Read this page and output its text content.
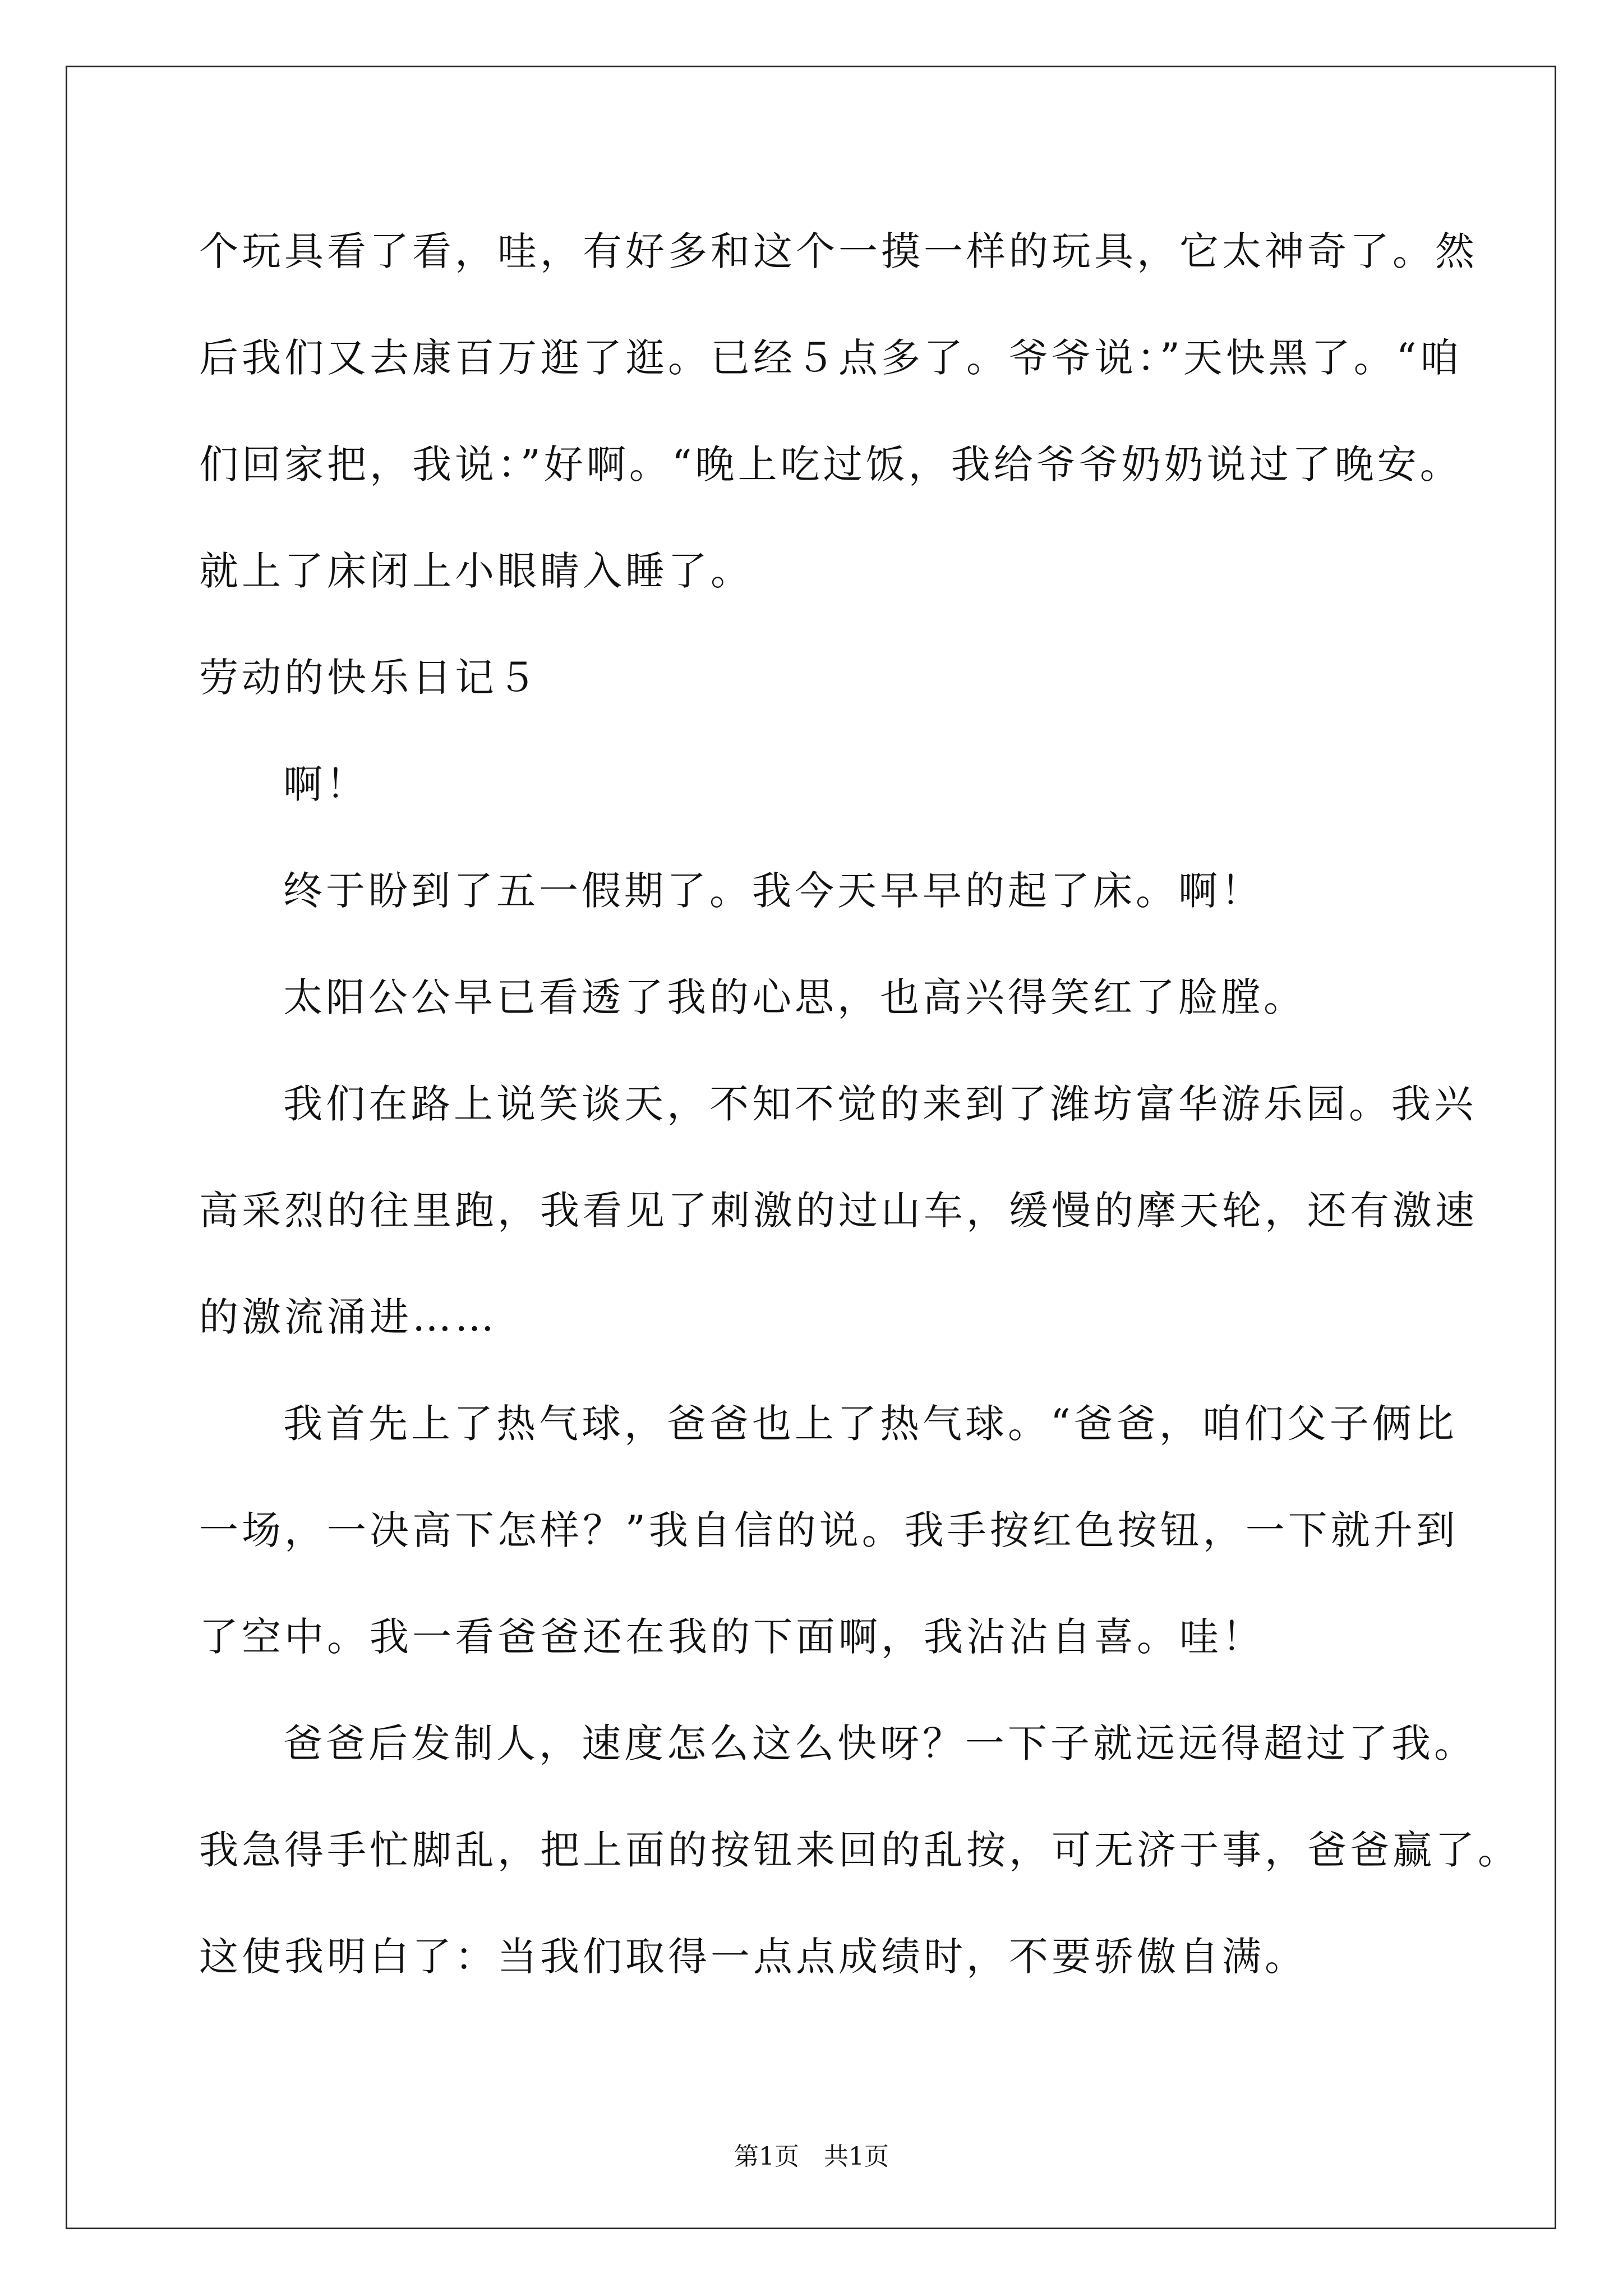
个玩具看了看，哇，有好多和这个一摸一样的玩具，它太神奇了。然
后我们又去康百万逛了逛。已经５点多了。爷爷说：”天快黑了。“咱
们回家把，我说：”好啊。“晚上吃过饭，我给爷爷奶奶说过了晚安。
就上了床闭上小眼睛入睡了。
劳动的快乐日记５
啊！
终于盼到了五一假期了。我今天早早的起了床。啊！
太阳公公早已看透了我的心思，也高兴得笑红了脸膛。
我们在路上说笑谈天，不知不觉的来到了潍坊富华游乐园。我兴
高采烈的往里跑，我看见了刺激的过山车，缓慢的摩天轮，还有激速
的激流涌进……
我首先上了热气球，爸爸也上了热气球。“爸爸，咱们父子俩比
一场，一决高下怎样？”我自信的说。我手按红色按钮，一下就升到
了空中。我一看爸爸还在我的下面啊，我沾沾自喜。哇！
爸爸后发制人，速度怎么这么快呀？一下子就远远得超过了我。
我急得手忙脚乱，把上面的按钮来回的乱按，可无济于事，爸爸赢了。
这使我明白了：当我们取得一点点成绩时，不要骄傲自满。
第1页　共1页
